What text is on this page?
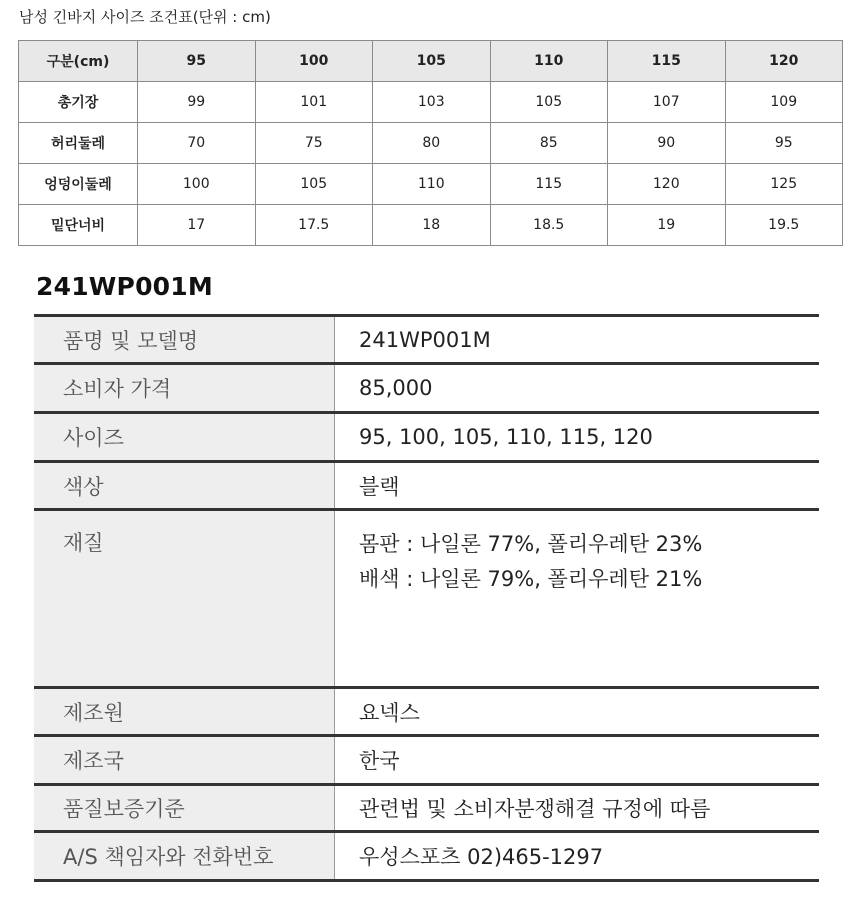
남성 긴바지 사이즈 조건표(단위 : cm)
구분(cm)	95	100	105	110	115	120
총기장	99	101	103	105	107	109
허리둘레	70	75	80	85	90	95
엉덩이둘레	100	105	110	115	120	125
밑단너비	17	17.5	18	18.5	19	19.5
241WP001M
품명 및 모델명	241WP001M
소비자 가격	85,000
사이즈	95, 100, 105, 110, 115, 120
색상	블랙
재질	몸판 : 나일론 77%, 폴리우레탄 23%
배색 : 나일론 79%, 폴리우레탄 21%
제조원	요넥스
제조국	한국
품질보증기준	관련법 및 소비자분쟁해결 규정에 따름
A/S 책임자와 전화번호	우성스포츠 02)465-1297
